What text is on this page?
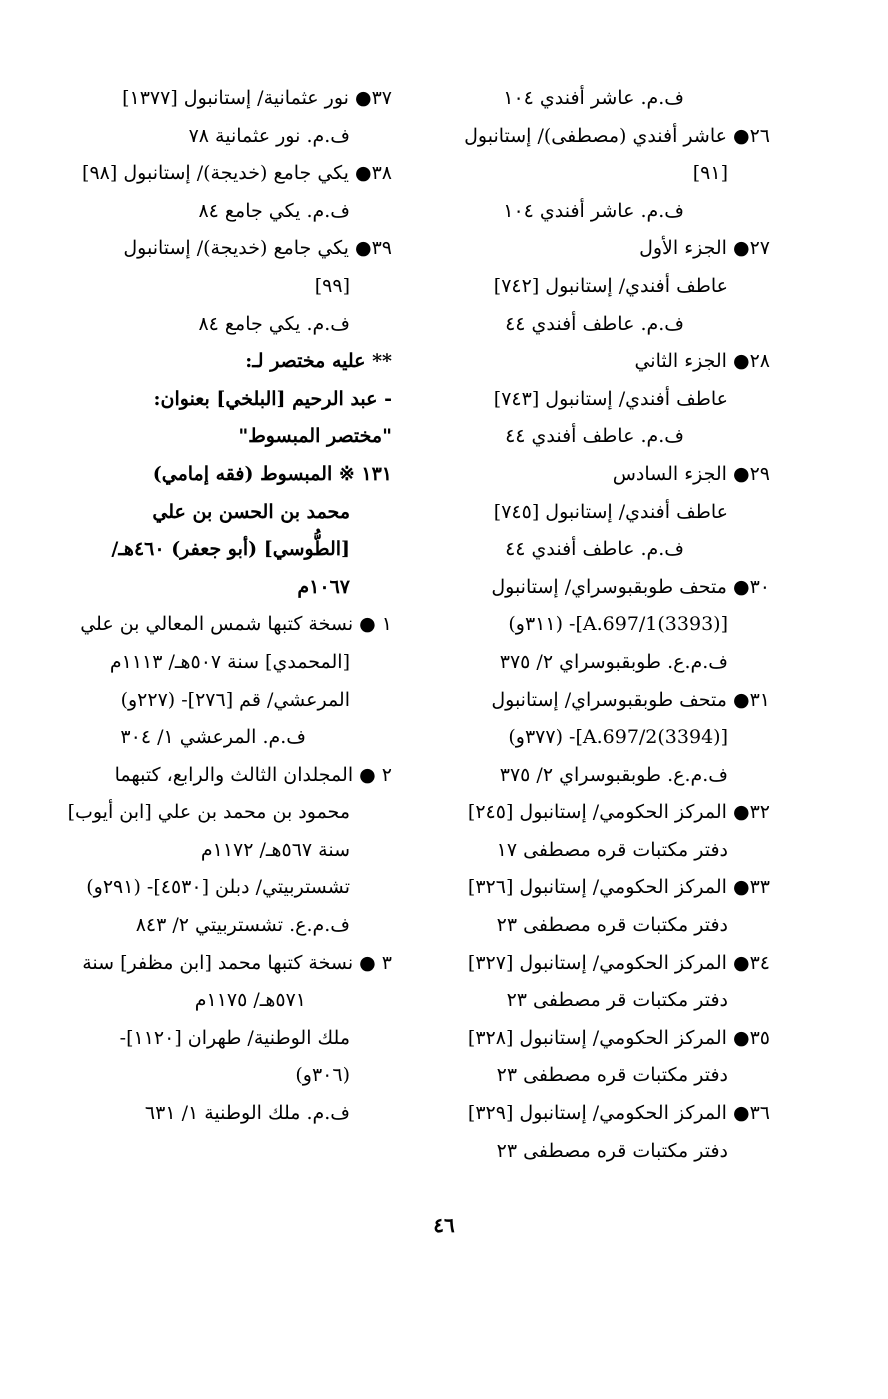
ف.م. عاشر أفندي ١٠٤
٢٦● عاشر أفندي (مصطفى)/ إستانبول
[٩١]
ف.م. عاشر أفندي ١٠٤
٢٧● الجزء الأول
عاطف أفندي/ إستانبول [٧٤٢]
ف.م. عاطف أفندي ٤٤
٢٨● الجزء الثاني
عاطف أفندي/ إستانبول [٧٤٣]
ف.م. عاطف أفندي ٤٤
٢٩● الجزء السادس
عاطف أفندي/ إستانبول [٧٤٥]
ف.م. عاطف أفندي ٤٤
٣٠● متحف طوبقبوسراي/ إستانبول
[A.697/1(3393)]- (٣١١و)
ف.م.ع. طوبقبوسراي ٢/ ٣٧٥
٣١● متحف طوبقبوسراي/ إستانبول
[A.697/2(3394)]- (٣٧٧و)
ف.م.ع. طوبقبوسراي ٢/ ٣٧٥
٣٢● المركز الحكومي/ إستانبول [٢٤٥]
دفتر مكتبات قره مصطفى ١٧
٣٣● المركز الحكومي/ إستانبول [٣٢٦]
دفتر مكتبات قره مصطفى ٢٣
٣٤● المركز الحكومي/ إستانبول [٣٢٧]
دفتر مكتبات قر مصطفى ٢٣
٣٥● المركز الحكومي/ إستانبول [٣٢٨]
دفتر مكتبات قره مصطفى ٢٣
٣٦● المركز الحكومي/ إستانبول [٣٢٩]
دفتر مكتبات قره مصطفى ٢٣
٣٧● نور عثمانية/ إستانبول [١٣٧٧]
ف.م. نور عثمانية ٧٨
٣٨● يكي جامع (خديجة)/ إستانبول [٩٨]
ف.م. يكي جامع ٨٤
٣٩● يكي جامع (خديجة)/ إستانبول
[٩٩]
ف.م. يكي جامع ٨٤
** عليه مختصر لـ:
- عبد الرحيم [البلخي] بعنوان:
"مختصر المبسوط"
١٣١ ※ المبسوط (فقه إمامي)
محمد بن الحسن بن علي
[الطُّوسي] (أبو جعفر) ٤٦٠هـ/
١٠٦٧م
١ ● نسخة كتبها شمس المعالي بن علي
[المحمدي] سنة ٥٠٧هـ/ ١١١٣م
المرعشي/ قم [٢٧٦]- (٢٢٧و)
ف.م. المرعشي ١/ ٣٠٤
٢ ● المجلدان الثالث والرابع، كتبهما
محمود بن محمد بن علي [ابن أيوب]
سنة ٥٦٧هـ/ ١١٧٢م
تشستربيتي/ دبلن [٤٥٣٠]- (٢٩١و)
ف.م.ع. تشستربيتي ٢/ ٨٤٣
٣ ● نسخة كتبها محمد [ابن مظفر] سنة
٥٧١هـ/ ١١٧٥م
ملك الوطنية/ طهران [١١٢٠]-
(٣٠٦و)
ف.م. ملك الوطنية ١/ ٦٣١
٤٦
